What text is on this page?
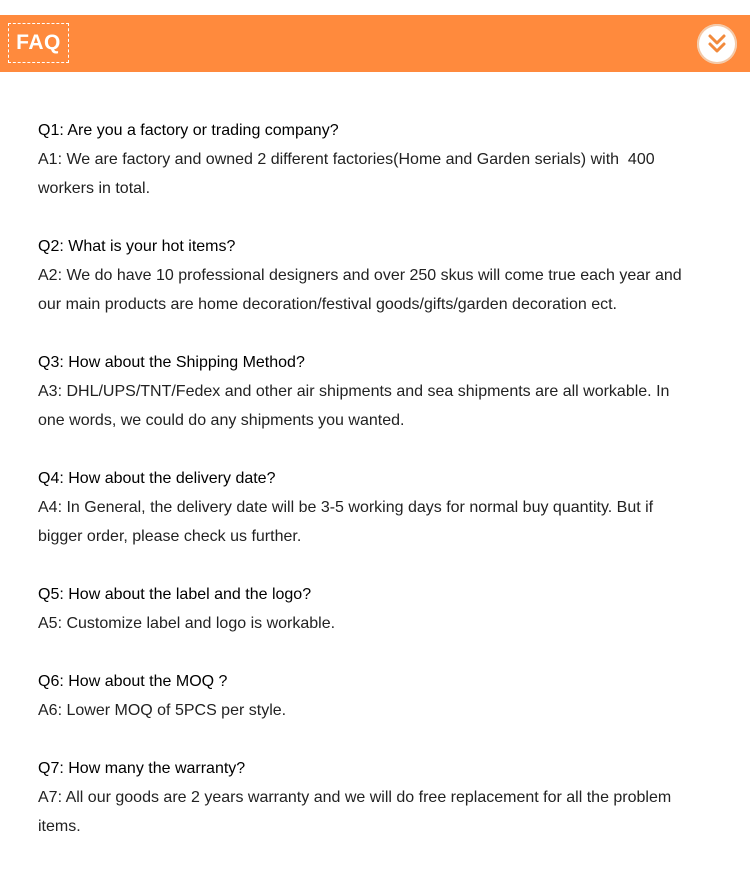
FAQ
Q1: Are you a factory or trading company?
A1: We are factory and owned 2 different factories(Home and Garden serials) with  400 workers in total.
Q2: What is your hot items?
A2: We do have 10 professional designers and over 250 skus will come true each year and our main products are home decoration/festival goods/gifts/garden decoration ect.
Q3: How about the Shipping Method?
A3: DHL/UPS/TNT/Fedex and other air shipments and sea shipments are all workable. In one words, we could do any shipments you wanted.
Q4: How about the delivery date?
A4: In General, the delivery date will be 3-5 working days for normal buy quantity. But if bigger order, please check us further.
Q5: How about the label and the logo?
A5: Customize label and logo is workable.
Q6: How about the MOQ ?
A6: Lower MOQ of 5PCS per style.
Q7: How many the warranty?
A7: All our goods are 2 years warranty and we will do free replacement for all the problem items.
